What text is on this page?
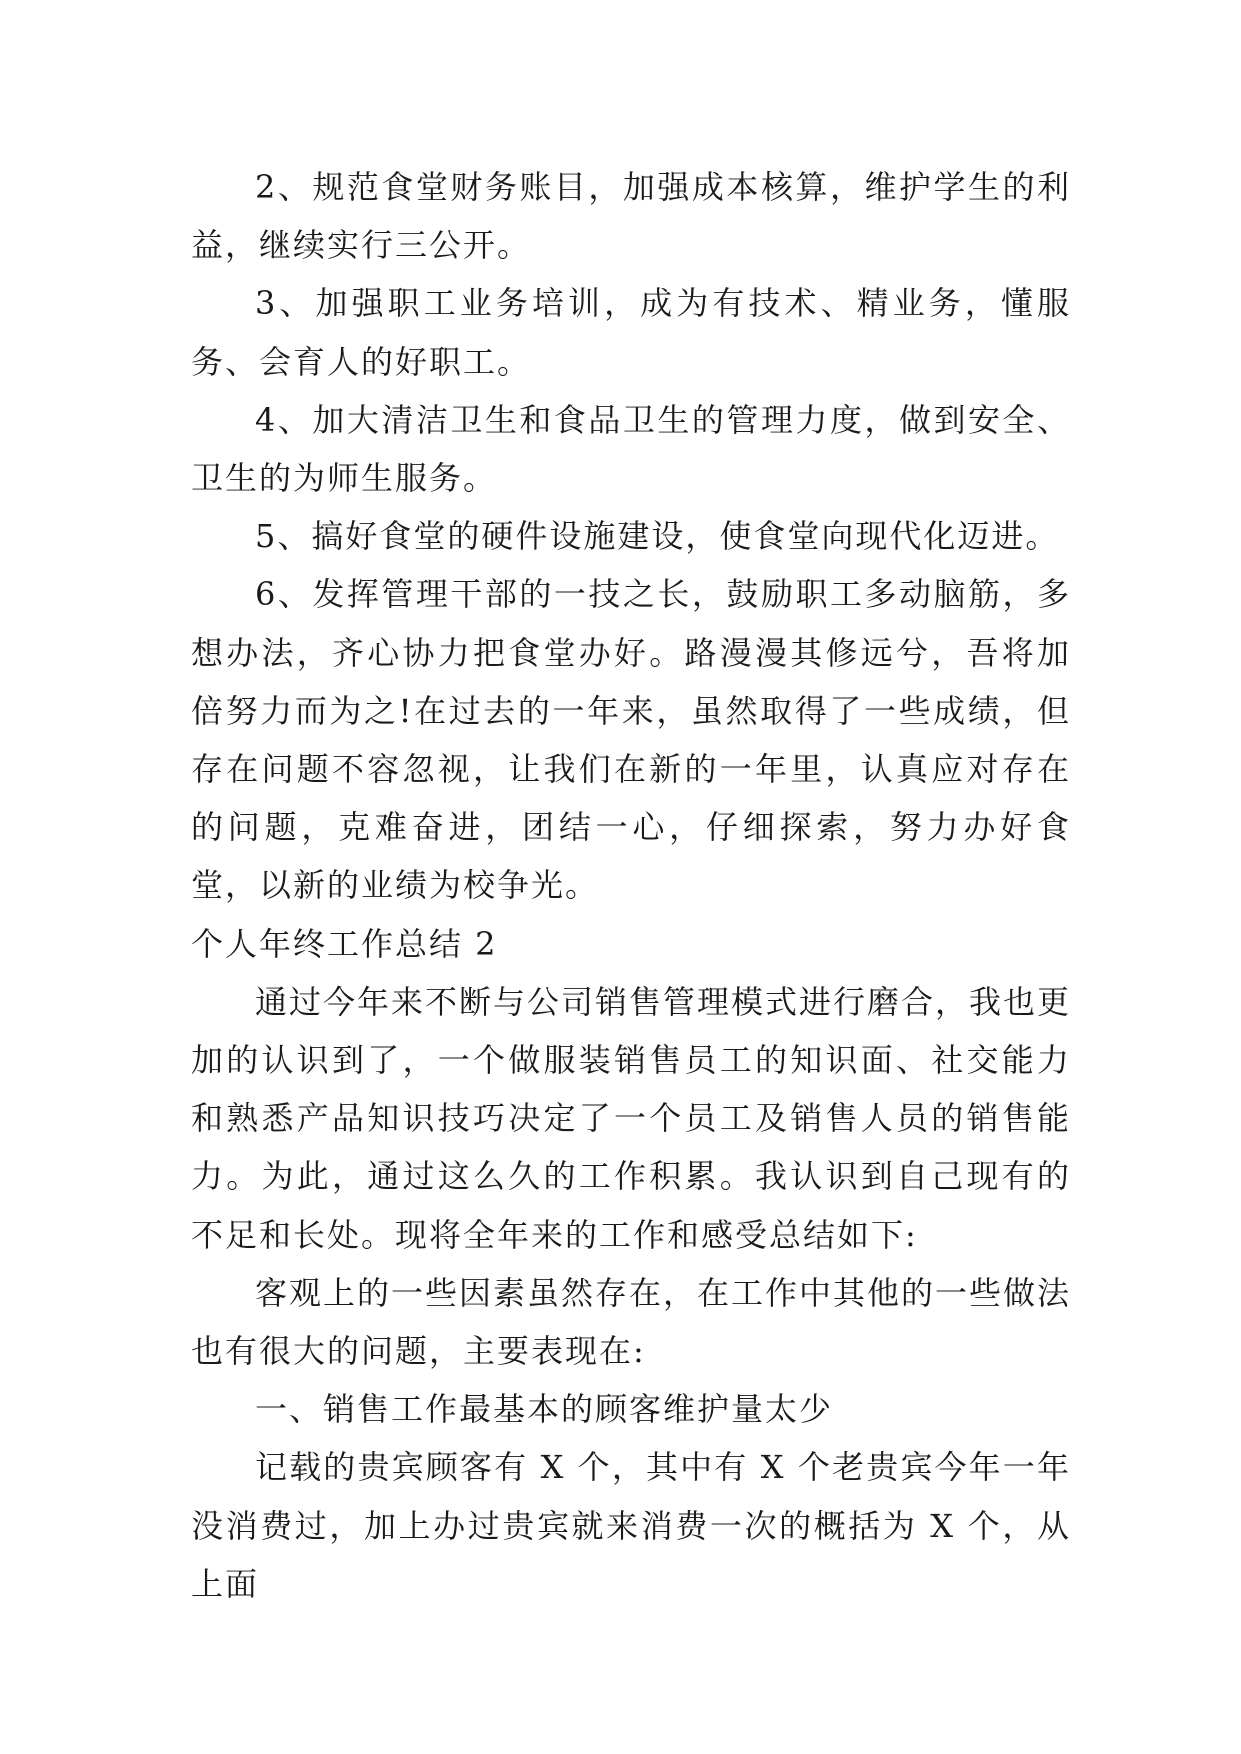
2、规范食堂财务账目，加强成本核算，维护学生的利益，继续实行三公开。

3、加强职工业务培训，成为有技术、精业务，懂服务、会育人的好职工。

4、加大清洁卫生和食品卫生的管理力度，做到安全、卫生的为师生服务。

5、搞好食堂的硬件设施建设，使食堂向现代化迈进。

6、发挥管理干部的一技之长，鼓励职工多动脑筋，多想办法，齐心协力把食堂办好。路漫漫其修远兮，吾将加倍努力而为之!在过去的一年来，虽然取得了一些成绩，但存在问题不容忽视，让我们在新的一年里，认真应对存在的问题，克难奋进，团结一心，仔细探索，努力办好食堂，以新的业绩为校争光。

个人年终工作总结 2

通过今年来不断与公司销售管理模式进行磨合，我也更加的认识到了，一个做服装销售员工的知识面、社交能力和熟悉产品知识技巧决定了一个员工及销售人员的销售能力。为此，通过这么久的工作积累。我认识到自己现有的不足和长处。现将全年来的工作和感受总结如下:

客观上的一些因素虽然存在，在工作中其他的一些做法也有很大的问题，主要表现在:

一、销售工作最基本的顾客维护量太少

记载的贵宾顾客有 X 个，其中有 X 个老贵宾今年一年没消费过，加上办过贵宾就来消费一次的概括为 X 个，从上面
